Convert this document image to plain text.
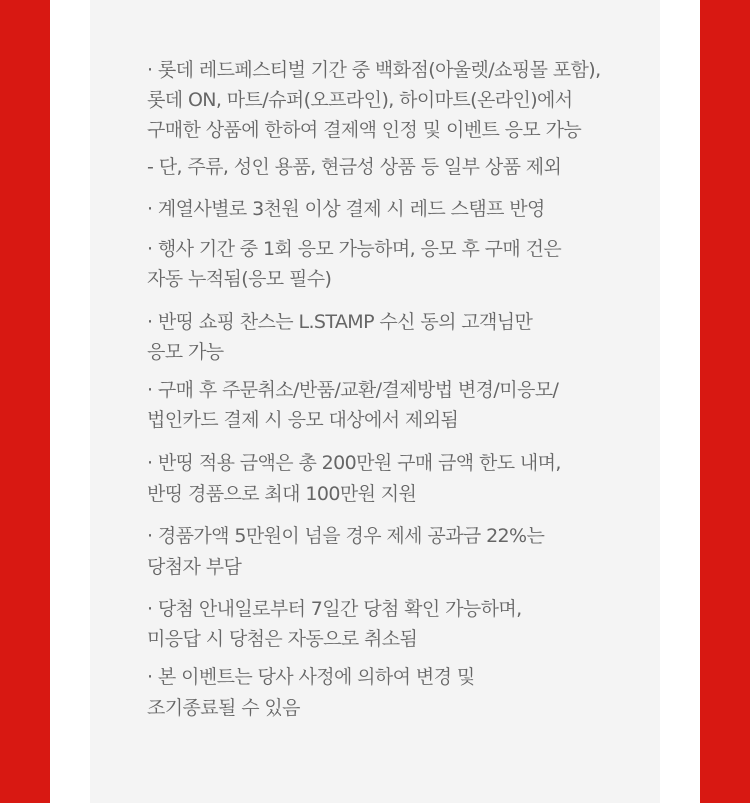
· 롯데 레드페스티벌 기간 중 백화점(아울렛/쇼핑몰 포함),
롯데 ON, 마트/슈퍼(오프라인), 하이마트(온라인)에서
구매한 상품에 한하여 결제액 인정 및 이벤트 응모 가능
- 단, 주류, 성인 용품, 현금성 상품 등 일부 상품 제외
· 계열사별로 3천원 이상 결제 시 레드 스탬프 반영
· 행사 기간 중 1회 응모 가능하며, 응모 후 구매 건은
자동 누적됨(응모 필수)
· 반띵 쇼핑 찬스는 L.STAMP 수신 동의 고객님만
응모 가능
· 구매 후 주문취소/반품/교환/결제방법 변경/미응모/
법인카드 결제 시 응모 대상에서 제외됨
· 반띵 적용 금액은 총 200만원 구매 금액 한도 내며,
반띵 경품으로 최대 100만원 지원
· 경품가액 5만원이 넘을 경우 제세 공과금 22%는
당첨자 부담
· 당첨 안내일로부터 7일간 당첨 확인 가능하며,
미응답 시 당첨은 자동으로 취소됨
· 본 이벤트는 당사 사정에 의하여 변경 및
조기종료될 수 있음
